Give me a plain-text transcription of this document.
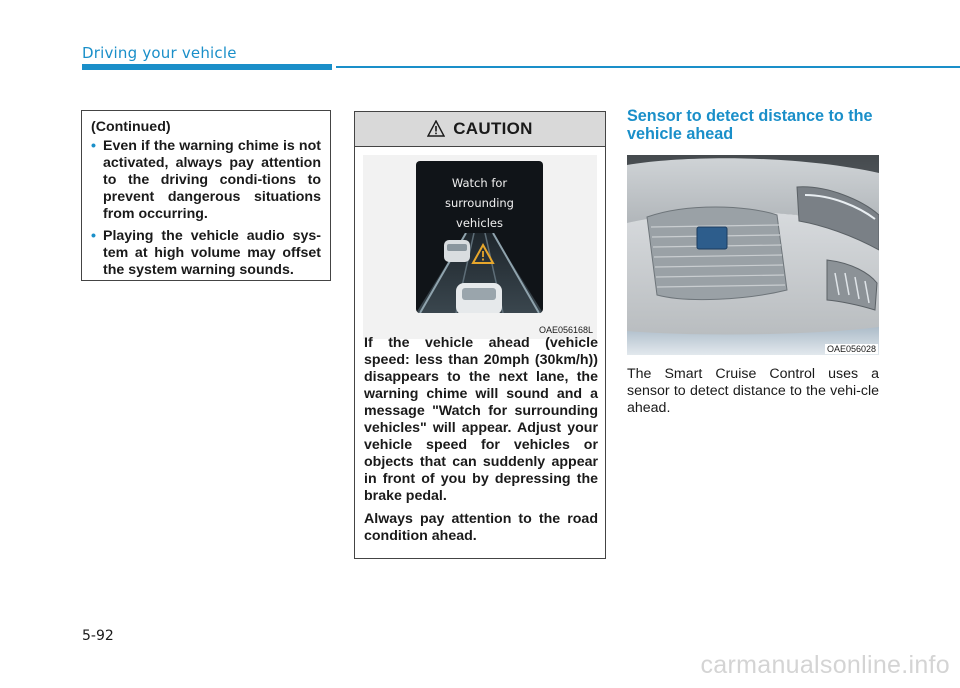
Driving your vehicle
(Continued)
• Even if the warning chime is not activated, always pay attention to the driving condi-tions to prevent dangerous situations from occurring.
• Playing the vehicle audio sys-tem at high volume may offset the system warning sounds.
CAUTION
Watch for
surrounding
vehicles
OAE056168L

If the vehicle ahead (vehicle speed: less than 20mph (30km/h)) disappears to the next lane, the warning chime will sound and a message "Watch for surrounding vehicles" will appear. Adjust your vehicle speed for vehicles or objects that can suddenly appear in front of you by depressing the brake pedal.

Always pay attention to the road condition ahead.

Sensor to detect distance to the vehicle ahead
OAE056028
The Smart Cruise Control uses a sensor to detect distance to the vehi-cle ahead.
5-92
carmanualsonline.info
